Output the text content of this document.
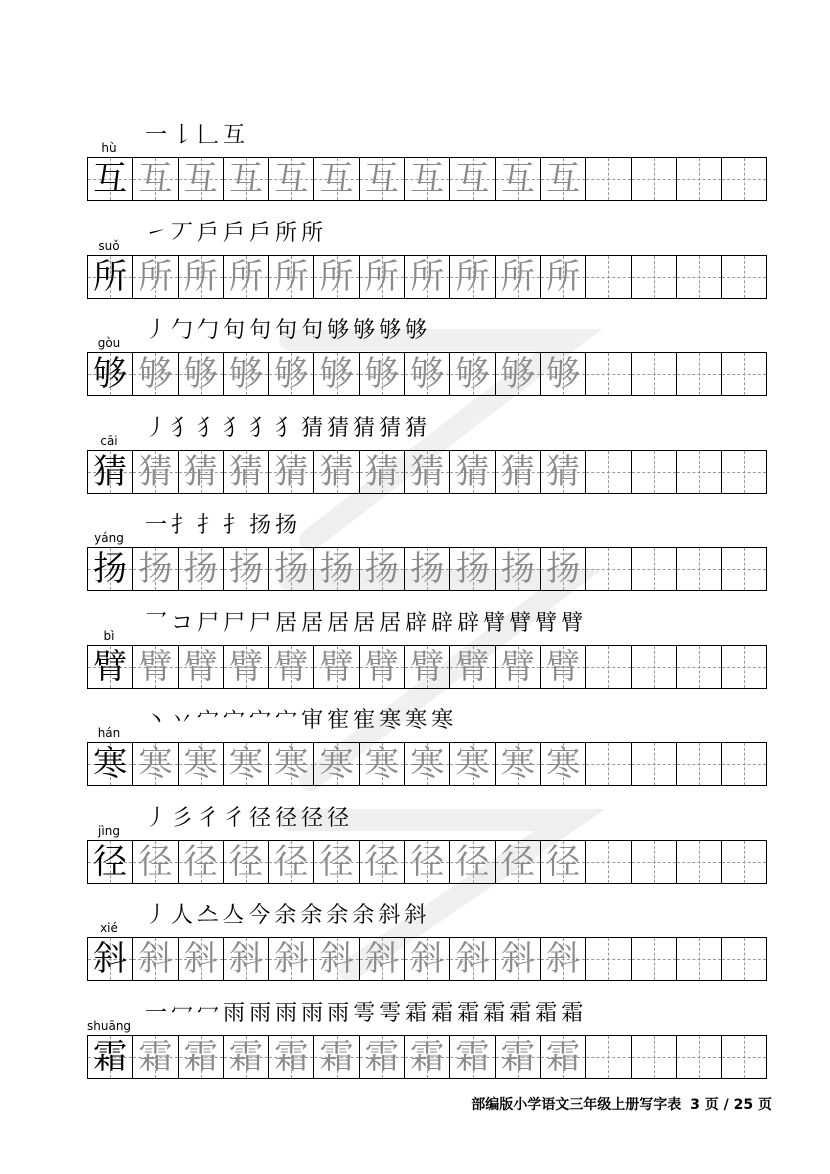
一 𠄌 𠃊 互
hù
互 互 互 互 互 互 互 互 互 互 互
㇀ 丆 戶 戶 戶 所 所
suǒ
所 所 所 所 所 所 所 所 所 所 所
丿 勹 勹 句 句 句 句 够 够 够 够
gòu
够 够 够 够 够 够 够 够 够 够 够
丿 犭 犭 犭 犭 犭 猜 猜 猜 猜 猜
cāi
猜 猜 猜 猜 猜 猜 猜 猜 猜 猜 猜
一 扌 扌 扌 扬 扬
yáng
扬 扬 扬 扬 扬 扬 扬 扬 扬 扬 扬
乛 コ 尸 尸 尸 居 居 居 居 居 辟 辟 辟 臂 臂 臂 臂
bì
臂 臂 臂 臂 臂 臂 臂 臂 臂 臂 臂
丶 丷 宀 宀 宀 宀 审 寉 寉 寒 寒 寒
hán
寒 寒 寒 寒 寒 寒 寒 寒 寒 寒 寒
丿 彡 彳 彳 径 径 径 径
jìng
径 径 径 径 径 径 径 径 径 径 径
丿 人 스 亼 今 余 余 余 余 斜 斜
xié
斜 斜 斜 斜 斜 斜 斜 斜 斜 斜 斜
一 冖 冖 雨 雨 雨 雨 雨 雩 雩 霜 霜 霜 霜 霜 霜 霜
shuāng
霜 霜 霜 霜 霜 霜 霜 霜 霜 霜 霜
部编版小学语文三年级上册写字表 3 页 / 25 页
